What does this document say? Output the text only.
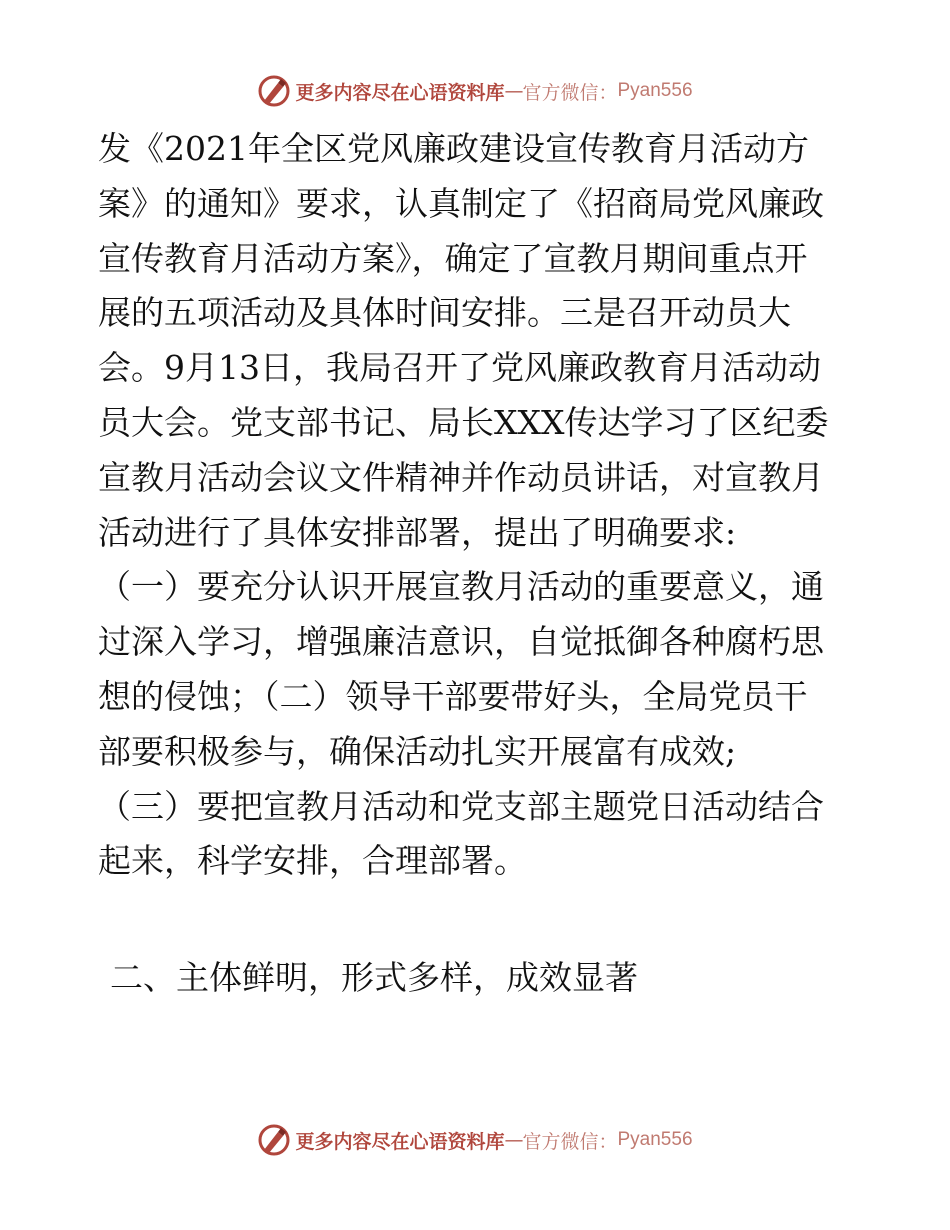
更多内容尽在心语资料库 — 官方微信： Pyan556
发《2021年全区党风廉政建设宣传教育月活动方
案》的通知》要求，认真制定了《招商局党风廉政
宣传教育月活动方案》，确定了宣教月期间重点开
展的五项活动及具体时间安排。三是召开动员大
会。9月13日，我局召开了党风廉政教育月活动动
员大会。党支部书记、局长XXX传达学习了区纪委
宣教月活动会议文件精神并作动员讲话，对宣教月
活动进行了具体安排部署，提出了明确要求:
（一）要充分认识开展宣教月活动的重要意义，通
过深入学习，增强廉洁意识，自觉抵御各种腐朽思
想的侵蚀；（二）领导干部要带好头，全局党员干
部要积极参与，确保活动扎实开展富有成效;
（三）要把宣教月活动和党支部主题党日活动结合
起来，科学安排，合理部署。
二、主体鲜明，形式多样，成效显著
更多内容尽在心语资料库 — 官方微信： Pyan556
